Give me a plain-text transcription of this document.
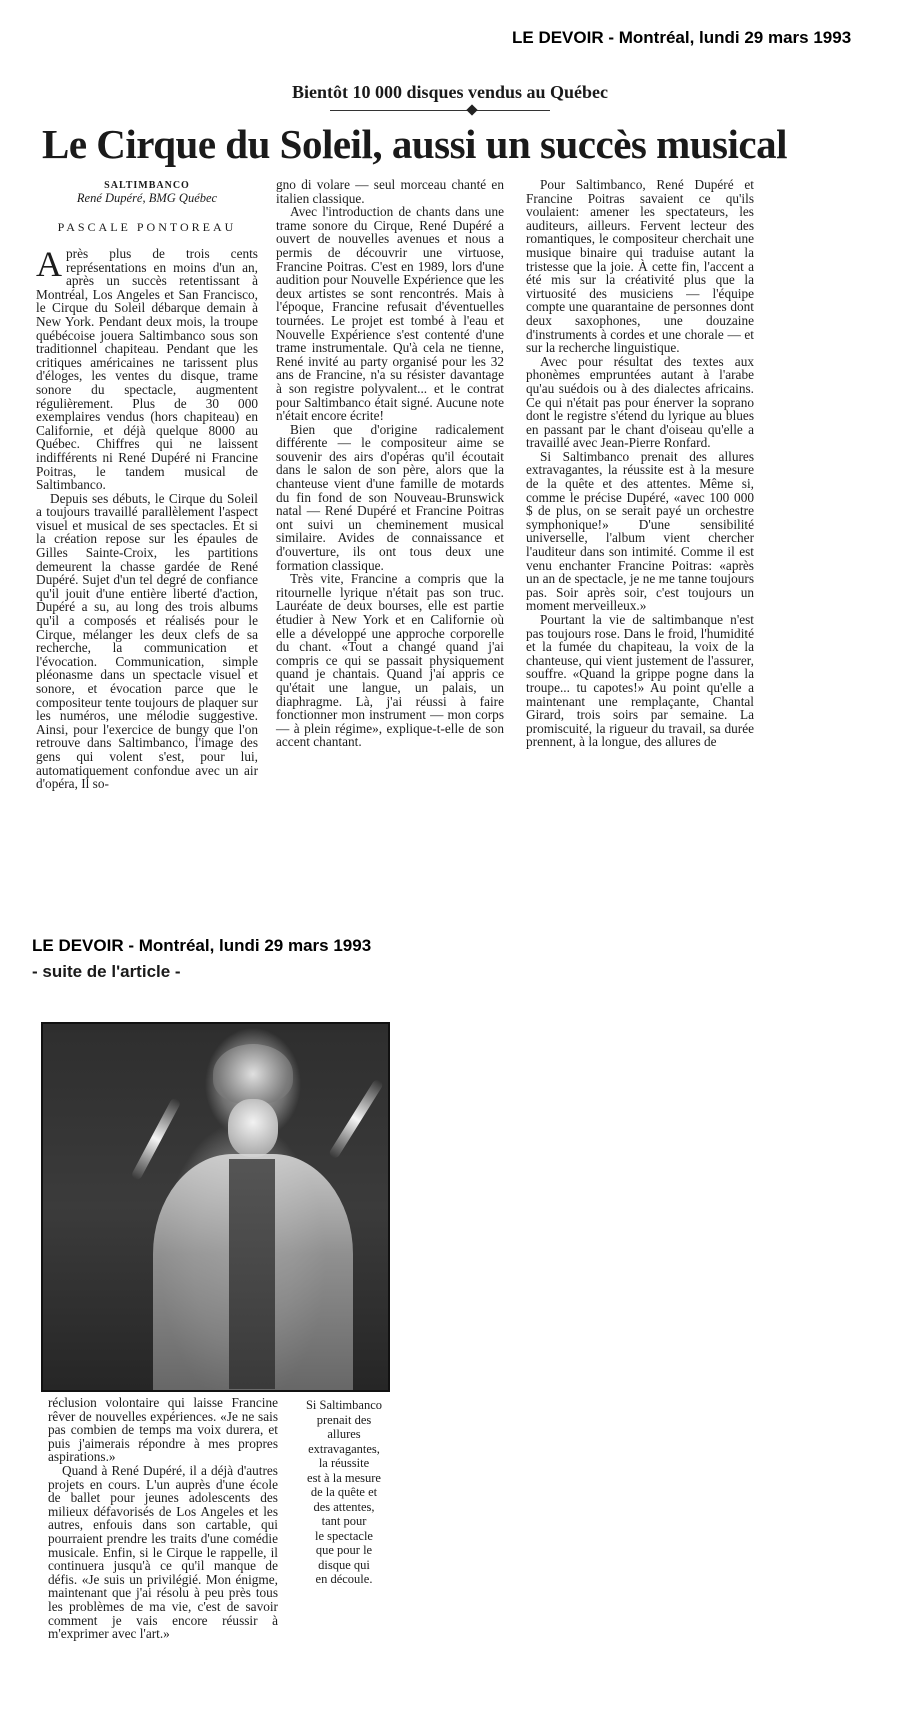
LE DEVOIR - Montréal, lundi 29 mars 1993
Bientôt 10 000 disques vendus au Québec
Le Cirque du Soleil, aussi un succès musical
SALTIMBANCO
René Dupéré, BMG Québec
PASCALE PONTOREAU

Après plus de trois cents représentations en moins d'un an, après un succès retentissant à Montréal, Los Angeles et San Francisco, le Cirque du Soleil débarque demain à New York. Pendant deux mois, la troupe québécoise jouera Saltimbanco sous son traditionnel chapiteau. Pendant que les critiques américaines ne tarissent plus d'éloges, les ventes du disque, trame sonore du spectacle, augmentent régulièrement. Plus de 30 000 exemplaires vendus (hors chapiteau) en Californie, et déjà quelque 8000 au Québec. Chiffres qui ne laissent indifférents ni René Dupéré ni Francine Poitras, le tandem musical de Saltimbanco.

Depuis ses débuts, le Cirque du Soleil a toujours travaillé parallèlement l'aspect visuel et musical de ses spectacles. Et si la création repose sur les épaules de Gilles Sainte-Croix, les partitions demeurent la chasse gardée de René Dupéré. Sujet d'un tel degré de confiance qu'il jouit d'une entière liberté d'action, Dupéré a su, au long des trois albums qu'il a composés et réalisés pour le Cirque, mélanger les deux clefs de sa recherche, la communication et l'évocation. Communication, simple pléonasme dans un spectacle visuel et sonore, et évocation parce que le compositeur tente toujours de plaquer sur les numéros, une mélodie suggestive. Ainsi, pour l'exercice de bungy que l'on retrouve dans Saltimbanco, l'image des gens qui volent s'est, pour lui, automatiquement confondue avec un air d'opéra, Il so-

gno di volare — seul morceau chanté en italien classique.

Avec l'introduction de chants dans une trame sonore du Cirque, René Dupéré a ouvert de nouvelles avenues et nous a permis de découvrir une virtuose, Francine Poitras. C'est en 1989, lors d'une audition pour Nouvelle Expérience que les deux artistes se sont rencontrés. Mais à l'époque, Francine refusait d'éventuelles tournées. Le projet est tombé à l'eau et Nouvelle Expérience s'est contenté d'une trame instrumentale. Qu'à cela ne tienne, René invité au party organisé pour les 32 ans de Francine, n'a su résister davantage à son registre polyvalent... et le contrat pour Saltimbanco était signé. Aucune note n'était encore écrite!

Bien que d'origine radicalement différente — le compositeur aime se souvenir des airs d'opéras qu'il écoutait dans le salon de son père, alors que la chanteuse vient d'une famille de motards du fin fond de son Nouveau-Brunswick natal — René Dupéré et Francine Poitras ont suivi un cheminement musical similaire. Avides de connaissance et d'ouverture, ils ont tous deux une formation classique.

Très vite, Francine a compris que la ritournelle lyrique n'était pas son truc. Lauréate de deux bourses, elle est partie étudier à New York et en Californie où elle a développé une approche corporelle du chant. «Tout a changé quand j'ai compris ce qui se passait physiquement quand je chantais. Quand j'ai appris ce qu'était une langue, un palais, un diaphragme. Là, j'ai réussi à faire fonctionner mon instrument — mon corps — à plein régime», explique-t-elle de son accent chantant.

Pour Saltimbanco, René Dupéré et Francine Poitras savaient ce qu'ils voulaient: amener les spectateurs, les auditeurs, ailleurs. Fervent lecteur des romantiques, le compositeur cherchait une musique binaire qui traduise autant la tristesse que la joie. À cette fin, l'accent a été mis sur la créativité plus que la virtuosité des musiciens — l'équipe compte une quarantaine de personnes dont deux saxophones, une douzaine d'instruments à cordes et une chorale — et sur la recherche linguistique.

Avec pour résultat des textes aux phonèmes empruntées autant à l'arabe qu'au suédois ou à des dialectes africains. Ce qui n'était pas pour énerver la soprano dont le registre s'étend du lyrique au blues en passant par le chant d'oiseau qu'elle a travaillé avec Jean-Pierre Ronfard.

Si Saltimbanco prenait des allures extravagantes, la réussite est à la mesure de la quête et des attentes. Même si, comme le précise Dupéré, «avec 100 000 $ de plus, on se serait payé un orchestre symphonique!» D'une sensibilité universelle, l'album vient chercher l'auditeur dans son intimité. Comme il est venu enchanter Francine Poitras: «après un an de spectacle, je ne me tanne toujours pas. Soir après soir, c'est toujours un moment merveilleux.»

Pourtant la vie de saltimbanque n'est pas toujours rose. Dans le froid, l'humidité et la fumée du chapiteau, la voix de la chanteuse, qui vient justement de l'assurer, souffre. «Quand la grippe pogne dans la troupe... tu capotes!» Au point qu'elle a maintenant une remplaçante, Chantal Girard, trois soirs par semaine. La promiscuité, la rigueur du travail, sa durée prennent, à la longue, des allures de

LE DEVOIR - Montréal, lundi 29 mars 1993
- suite de l'article -

réclusion volontaire qui laisse Francine rêver de nouvelles expériences. «Je ne sais pas combien de temps ma voix durera, et puis j'aimerais répondre à mes propres aspirations.»

Quand à René Dupéré, il a déjà d'autres projets en cours. L'un auprès d'une école de ballet pour jeunes adolescents des milieux défavorisés de Los Angeles et les autres, enfouis dans son cartable, qui pourraient prendre les traits d'une comédie musicale. Enfin, si le Cirque le rappelle, il continuera jusqu'à ce qu'il manque de défis. «Je suis un privilégié. Mon énigme, maintenant que j'ai résolu à peu près tous les problèmes de ma vie, c'est de savoir comment je vais encore réussir à m'exprimer avec l'art.»

Si Saltimbanco
prenait des
allures
extravagantes,
la réussite
est à la mesure
de la quête et
des attentes,
tant pour
le spectacle
que pour le
disque qui
en découle.
